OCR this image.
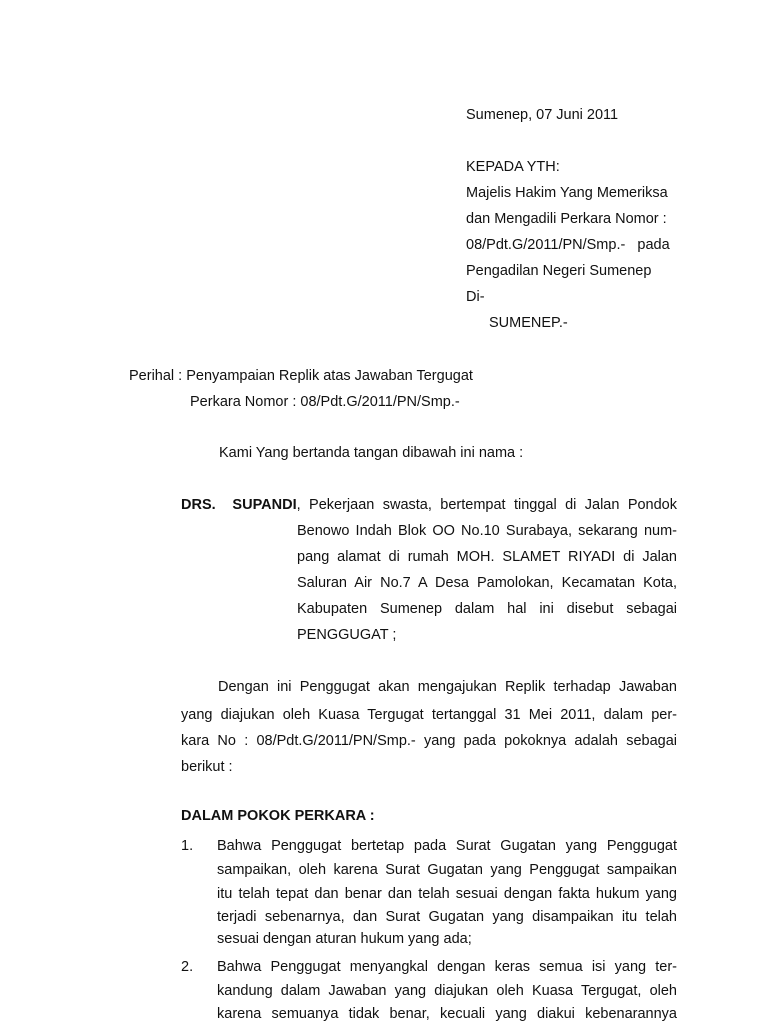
Sumenep, 07 Juni 2011
KEPADA YTH:
Majelis Hakim Yang Memeriksa
dan Mengadili Perkara Nomor :
08/Pdt.G/2011/PN/Smp.-   pada
Pengadilan Negeri Sumenep
Di-
SUMENEP.-
Perihal : Penyampaian Replik atas Jawaban Tergugat
Perkara Nomor : 08/Pdt.G/2011/PN/Smp.-
Kami Yang bertanda tangan dibawah ini nama :
DRS.  SUPANDI, Pekerjaan swasta, bertempat tinggal di Jalan Pondok
Benowo Indah Blok OO No.10 Surabaya, sekarang num-
pang alamat di rumah MOH. SLAMET RIYADI di Jalan
Saluran Air No.7 A Desa Pamolokan, Kecamatan Kota,
Kabupaten Sumenep dalam hal ini disebut sebagai
PENGGUGAT ;
Dengan ini Penggugat akan mengajukan Replik terhadap Jawaban
yang diajukan oleh Kuasa Tergugat tertanggal 31 Mei 2011, dalam per-
kara No : 08/Pdt.G/2011/PN/Smp.- yang pada pokoknya adalah sebagai
berikut :
DALAM POKOK PERKARA :
1. Bahwa Penggugat bertetap pada Surat Gugatan yang Penggugat
sampaikan, oleh karena Surat Gugatan yang Penggugat sampaikan
itu telah tepat dan benar dan telah sesuai dengan fakta hukum yang
terjadi sebenarnya, dan Surat Gugatan yang disampaikan itu telah
sesuai dengan aturan hukum yang ada;
2. Bahwa Penggugat menyangkal dengan keras semua isi yang ter-
kandung dalam Jawaban yang diajukan oleh Kuasa Tergugat, oleh
karena semuanya tidak benar, kecuali yang diakui kebenarannya
